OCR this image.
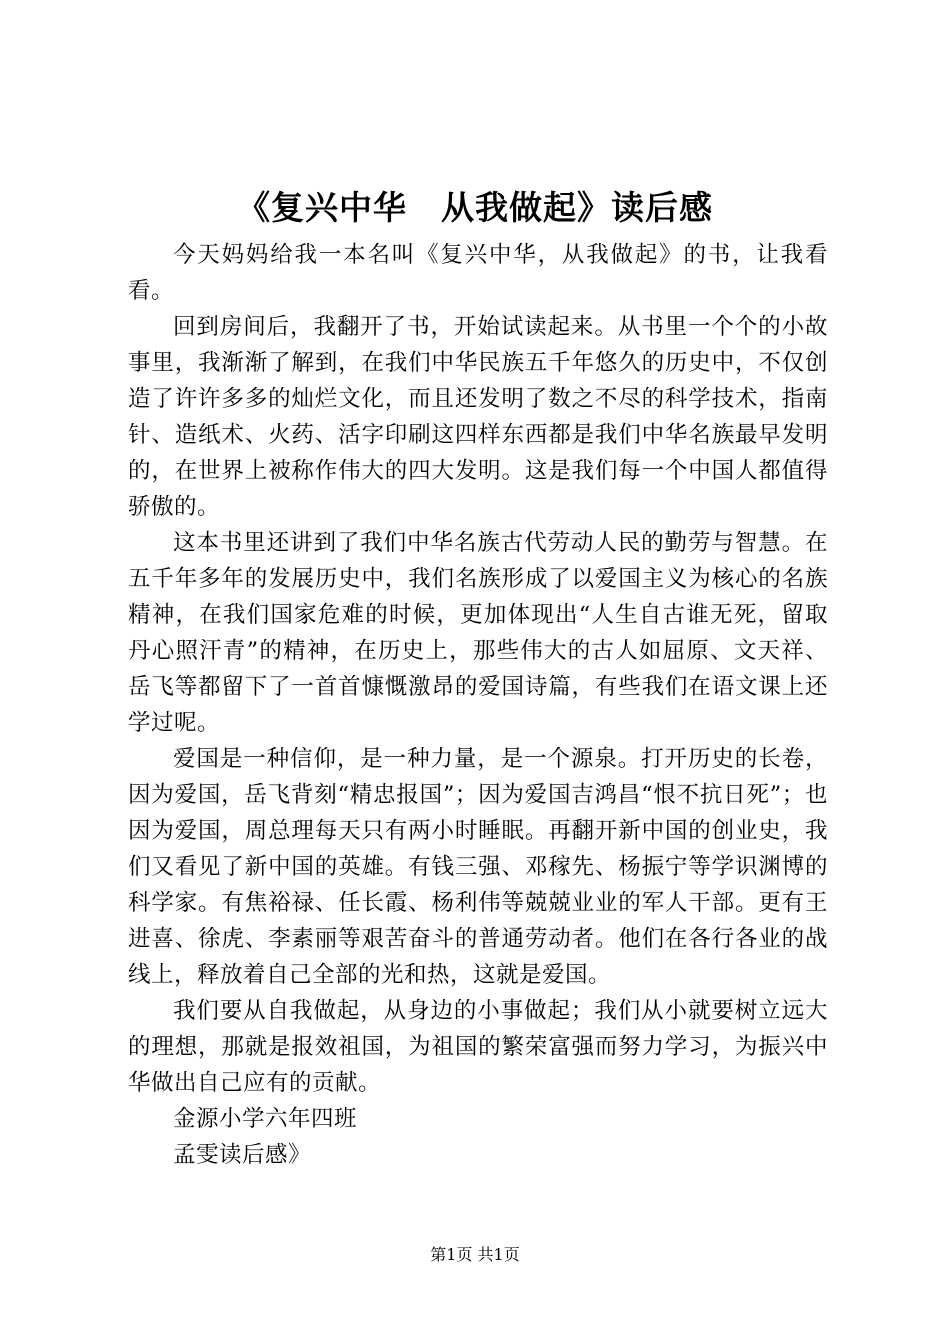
《复兴中华　从我做起》读后感

今天妈妈给我一本名叫《复兴中华，从我做起》的书，让我看看。

回到房间后，我翻开了书，开始试读起来。从书里一个个的小故事里，我渐渐了解到，在我们中华民族五千年悠久的历史中，不仅创造了许许多多的灿烂文化，而且还发明了数之不尽的科学技术，指南针、造纸术、火药、活字印刷这四样东西都是我们中华名族最早发明的，在世界上被称作伟大的四大发明。这是我们每一个中国人都值得骄傲的。

这本书里还讲到了我们中华名族古代劳动人民的勤劳与智慧。在五千年多年的发展历史中，我们名族形成了以爱国主义为核心的名族精神，在我们国家危难的时候，更加体现出“人生自古谁无死，留取丹心照汗青”的精神，在历史上，那些伟大的古人如屈原、文天祥、岳飞等都留下了一首首慷慨激昂的爱国诗篇，有些我们在语文课上还学过呢。

爱国是一种信仰，是一种力量，是一个源泉。打开历史的长卷，因为爱国，岳飞背刻“精忠报国”；因为爱国吉鸿昌“恨不抗日死”；也因为爱国，周总理每天只有两小时睡眠。再翻开新中国的创业史，我们又看见了新中国的英雄。有钱三强、邓稼先、杨振宁等学识渊博的科学家。有焦裕禄、任长霞、杨利伟等兢兢业业的军人干部。更有王进喜、徐虎、李素丽等艰苦奋斗的普通劳动者。他们在各行各业的战线上，释放着自己全部的光和热，这就是爱国。

我们要从自我做起，从身边的小事做起；我们从小就要树立远大的理想，那就是报效祖国，为祖国的繁荣富强而努力学习，为振兴中华做出自己应有的贡献。

金源小学六年四班

孟雯读后感》

第1页 共1页
